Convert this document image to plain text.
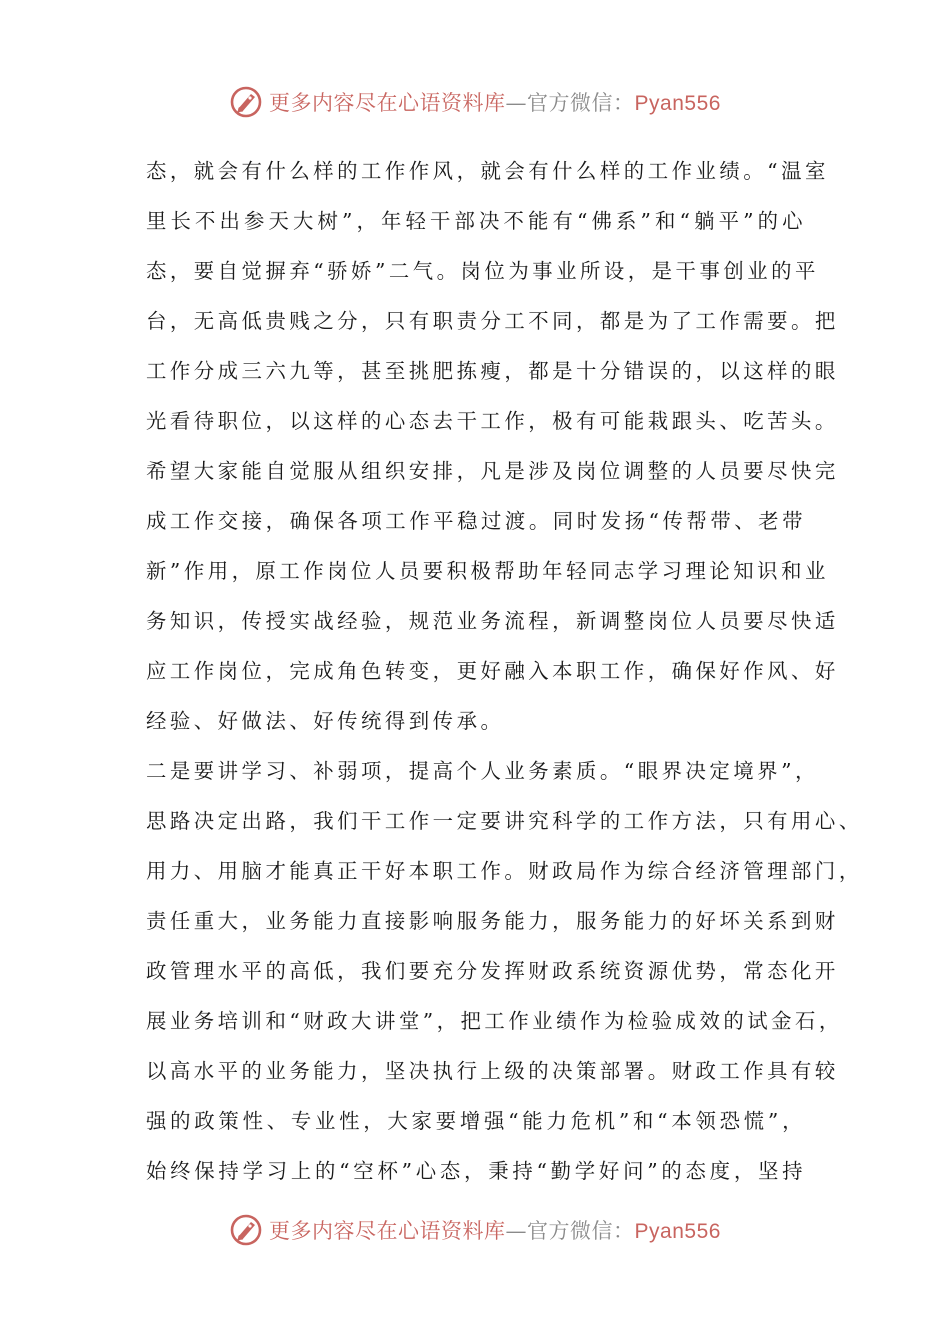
更多内容尽在心语资料库—官方微信：Pyan556
态，就会有什么样的工作作风，就会有什么样的工作业绩。“温室
里长不出参天大树”，年轻干部决不能有“佛系”和“躺平”的心
态，要自觉摒弃“骄娇”二气。岗位为事业所设，是干事创业的平
台，无高低贵贱之分，只有职责分工不同，都是为了工作需要。把
工作分成三六九等，甚至挑肥拣瘦，都是十分错误的，以这样的眼
光看待职位，以这样的心态去干工作，极有可能栽跟头、吃苦头。
希望大家能自觉服从组织安排，凡是涉及岗位调整的人员要尽快完
成工作交接，确保各项工作平稳过渡。同时发扬“传帮带、老带
新”作用，原工作岗位人员要积极帮助年轻同志学习理论知识和业
务知识，传授实战经验，规范业务流程，新调整岗位人员要尽快适
应工作岗位，完成角色转变，更好融入本职工作，确保好作风、好
经验、好做法、好传统得到传承。
二是要讲学习、补弱项，提高个人业务素质。“眼界决定境界”，
思路决定出路，我们干工作一定要讲究科学的工作方法，只有用心、
用力、用脑才能真正干好本职工作。财政局作为综合经济管理部门，
责任重大，业务能力直接影响服务能力，服务能力的好坏关系到财
政管理水平的高低，我们要充分发挥财政系统资源优势，常态化开
展业务培训和“财政大讲堂”，把工作业绩作为检验成效的试金石，
以高水平的业务能力，坚决执行上级的决策部署。财政工作具有较
强的政策性、专业性，大家要增强“能力危机”和“本领恐慌”，
始终保持学习上的“空杯”心态，秉持“勤学好问”的态度，坚持
更多内容尽在心语资料库—官方微信：Pyan556
